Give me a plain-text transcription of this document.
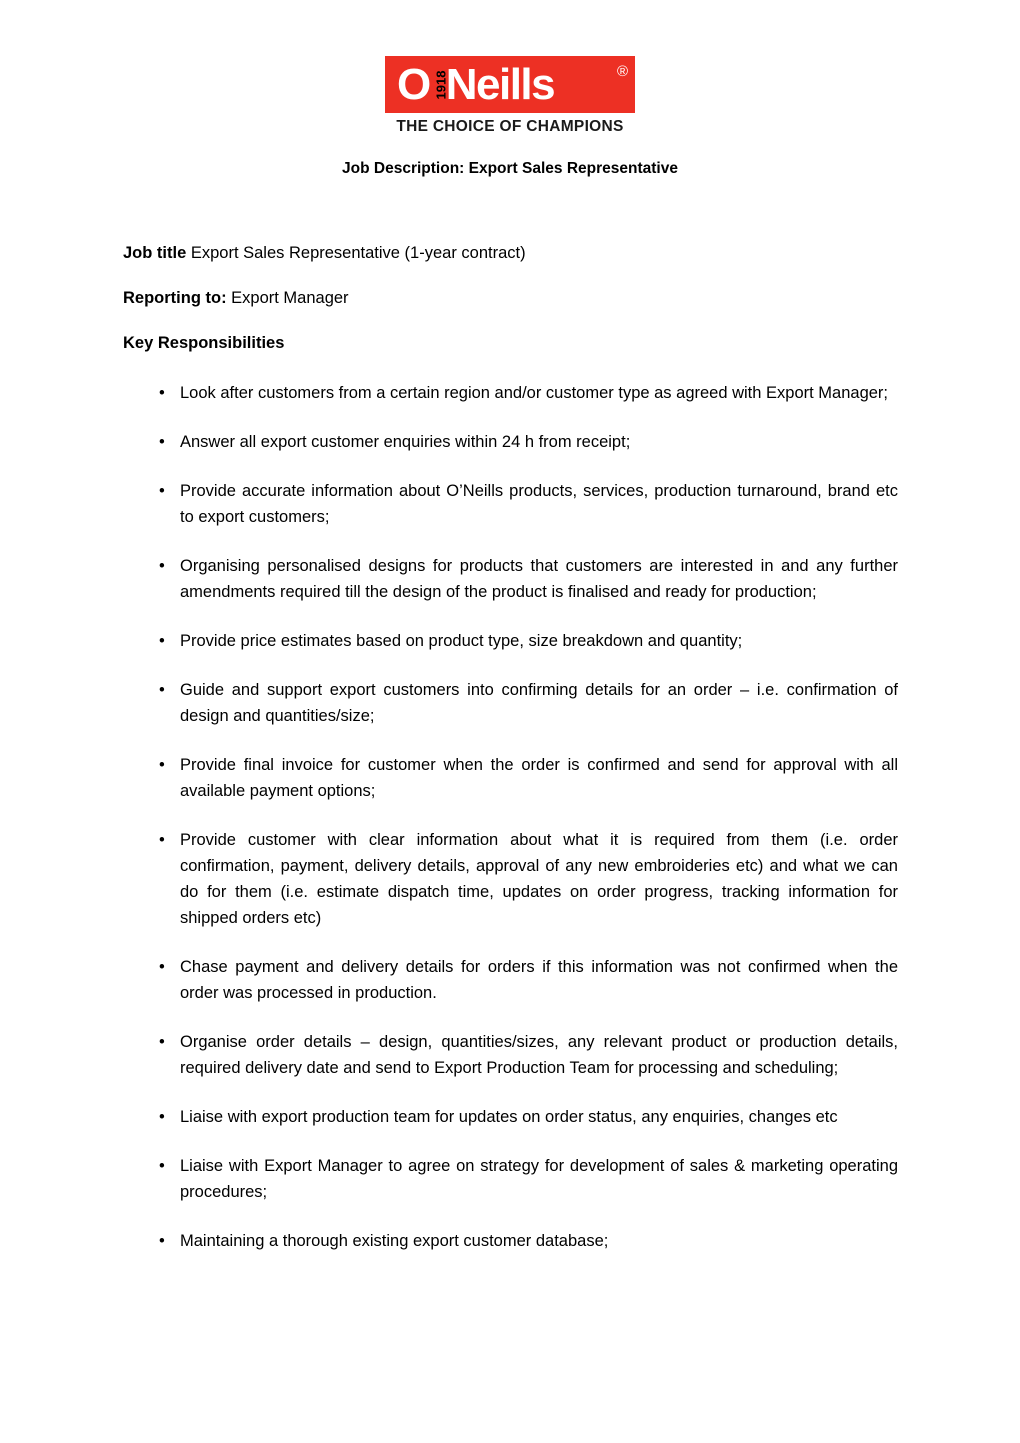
O Neills
1918	®
THE CHOICE OF CHAMPIONS
Job Description: Export Sales Representative
Job title Export Sales Representative (1-year contract)
Reporting to: Export Manager
Key Responsibilities
• Look after customers from a certain region and/or customer type as agreed with Export Manager;
• Answer all export customer enquiries within 24 h from receipt;
• Provide accurate information about O’Neills products, services, production turnaround, brand etc to export customers;
• Organising personalised designs for products that customers are interested in and any further amendments required till the design of the product is finalised and ready for production;
• Provide price estimates based on product type, size breakdown and quantity;
• Guide and support export customers into confirming details for an order – i.e. confirmation of design and quantities/size;
• Provide final invoice for customer when the order is confirmed and send for approval with all available payment options;
• Provide customer with clear information about what it is required from them (i.e. order confirmation, payment, delivery details, approval of any new embroideries etc) and what we can do for them (i.e. estimate dispatch time, updates on order progress, tracking information for shipped orders etc)
• Chase payment and delivery details for orders if this information was not confirmed when the order was processed in production.
• Organise order details – design, quantities/sizes, any relevant product or production details, required delivery date and send to Export Production Team for processing and scheduling;
• Liaise with export production team for updates on order status, any enquiries, changes etc
• Liaise with Export Manager to agree on strategy for development of sales & marketing operating procedures;
• Maintaining a thorough existing export customer database;
